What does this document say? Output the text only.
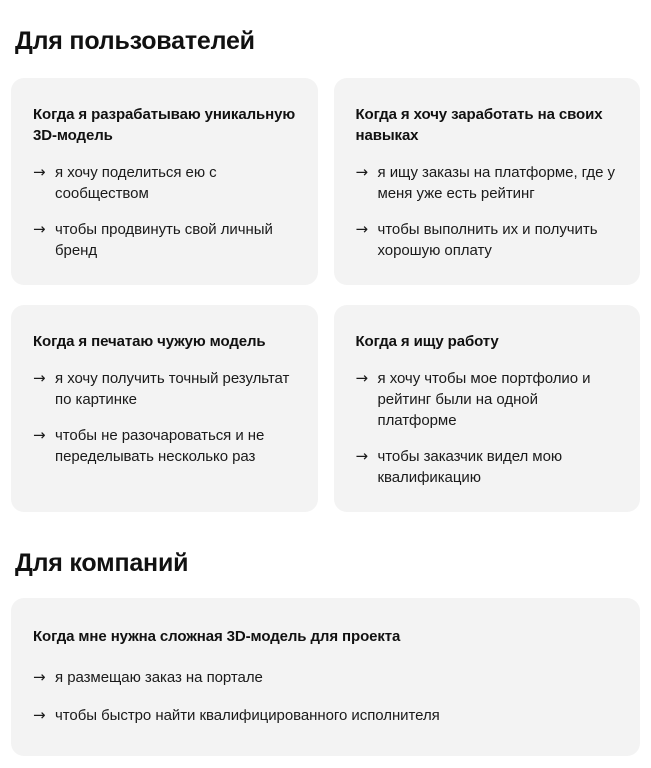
Для пользователей
Когда я разрабатываю уникальную 3D-модель
→ я хочу поделиться ею с сообществом
→ чтобы продвинуть свой личный бренд
Когда я хочу заработать на своих навыках
→ я ищу заказы на платформе, где у меня уже есть рейтинг
→ чтобы выполнить их и получить хорошую оплату
Когда я печатаю чужую модель
→ я хочу получить точный результат по картинке
→ чтобы не разочароваться и не переделывать несколько раз
Когда я ищу работу
→ я хочу чтобы мое портфолио и рейтинг были на одной платформе
→ чтобы заказчик видел мою квалификацию
Для компаний
Когда мне нужна сложная 3D-модель для проекта
→ я размещаю заказ на портале
→ чтобы быстро найти квалифицированного исполнителя
